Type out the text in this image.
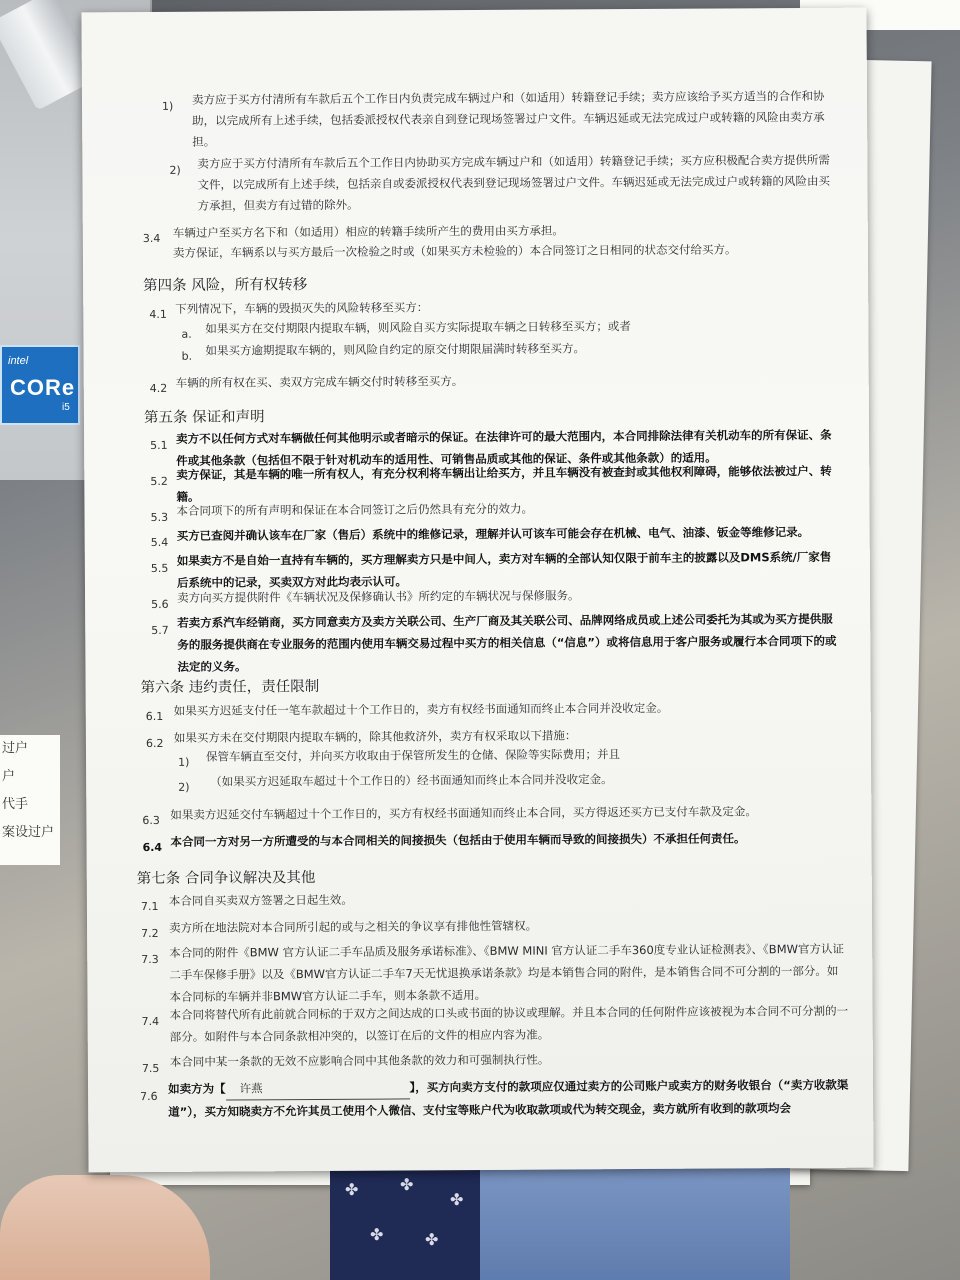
intel
CORe
i5
过户
户
代手
案设过户
✤	✤
✤
✤	✤
1) 卖方应于买方付清所有车款后五个工作日内负责完成车辆过户和（如适用）转籍登记手续；卖方应该给予买方适当的合作和协助，以完成所有上述手续，包括委派授权代表亲自到登记现场签署过户文件。车辆迟延或无法完成过户或转籍的风险由卖方承担。
2) 卖方应于买方付清所有车款后五个工作日内协助买方完成车辆过户和（如适用）转籍登记手续；买方应积极配合卖方提供所需文件，以完成所有上述手续，包括亲自或委派授权代表到登记现场签署过户文件。车辆迟延或无法完成过户或转籍的风险由买方承担，但卖方有过错的除外。
3.4 车辆过户至买方名下和（如适用）相应的转籍手续所产生的费用由买方承担。
卖方保证，车辆系以与买方最后一次检验之时或（如果买方未检验的）本合同签订之日相同的状态交付给买方。
第四条 风险，所有权转移
4.1 下列情况下，车辆的毁损灭失的风险转移至买方：
a. 如果买方在交付期限内提取车辆，则风险自买方实际提取车辆之日转移至买方；或者
b. 如果买方逾期提取车辆的，则风险自约定的原交付期限届满时转移至买方。
4.2 车辆的所有权在买、卖双方完成车辆交付时转移至买方。
第五条 保证和声明
5.1 卖方不以任何方式对车辆做任何其他明示或者暗示的保证。在法律许可的最大范围内，本合同排除法律有关机动车的所有保证、条件或其他条款（包括但不限于针对机动车的适用性、可销售品质或其他的保证、条件或其他条款）的适用。
5.2 卖方保证，其是车辆的唯一所有权人，有充分权利将车辆出让给买方，并且车辆没有被查封或其他权利障碍，能够依法被过户、转籍。
5.3 本合同项下的所有声明和保证在本合同签订之后仍然具有充分的效力。
5.4 买方已查阅并确认该车在厂家（售后）系统中的维修记录，理解并认可该车可能会存在机械、电气、油漆、钣金等维修记录。
5.5
如果卖方不是自始一直持有车辆的，买方理解卖方只是中间人，卖方对车辆的全部认知仅限于前车主的披露以及DMS系统/厂家售后系统中的记录，买卖双方对此均表示认可。
5.6 卖方向买方提供附件《车辆状况及保修确认书》所约定的车辆状况与保修服务。
5.7
若卖方系汽车经销商，买方同意卖方及卖方关联公司、生产厂商及其关联公司、品牌网络成员或上述公司委托为其或为买方提供服务的服务提供商在专业服务的范围内使用车辆交易过程中买方的相关信息（“信息”）或将信息用于客户服务或履行本合同项下的或法定的义务。
第六条 违约责任，责任限制
6.1 如果买方迟延支付任一笔车款超过十个工作日的，卖方有权经书面通知而终止本合同并没收定金。
6.2 如果买方未在交付期限内提取车辆的，除其他救济外，卖方有权采取以下措施：
1) 保管车辆直至交付，并向买方收取由于保管所发生的仓储、保险等实际费用；并且
2) （如果买方迟延取车超过十个工作日的）经书面通知而终止本合同并没收定金。
6.3 如果卖方迟延交付车辆超过十个工作日的，买方有权经书面通知而终止本合同，买方得返还买方已支付车款及定金。
6.4 本合同一方对另一方所遭受的与本合同相关的间接损失（包括由于使用车辆而导致的间接损失）不承担任何责任。
第七条 合同争议解决及其他
7.1 本合同自买卖双方签署之日起生效。
7.2 卖方所在地法院对本合同所引起的或与之相关的争议享有排他性管辖权。
7.3 本合同的附件《BMW 官方认证二手车品质及服务承诺标准》、《BMW MINI 官方认证二手车360度专业认证检测表》、《BMW官方认证二手车保修手册》以及《BMW官方认证二手车7天无忧退换承诺条款》均是本销售合同的附件，是本销售合同不可分割的一部分。如本合同标的车辆并非BMW官方认证二手车，则本条款不适用。
7.4 本合同将替代所有此前就合同标的于双方之间达成的口头或书面的协议或理解。并且本合同的任何附件应该被视为本合同不可分割的一部分。如附件与本合同条款相冲突的，以签订在后的文件的相应内容为准。
7.5 本合同中某一条款的无效不应影响合同中其他条款的效力和可强制执行性。
7.6
如卖方为【 许燕	】，买方向卖方支付的款项应仅通过卖方的公司账户或卖方的财务收银台（“卖方收款渠道”），买方知晓卖方不允许其员工使用个人微信、支付宝等账户代为收取款项或代为转交现金，卖方就所有收到的款项均会
